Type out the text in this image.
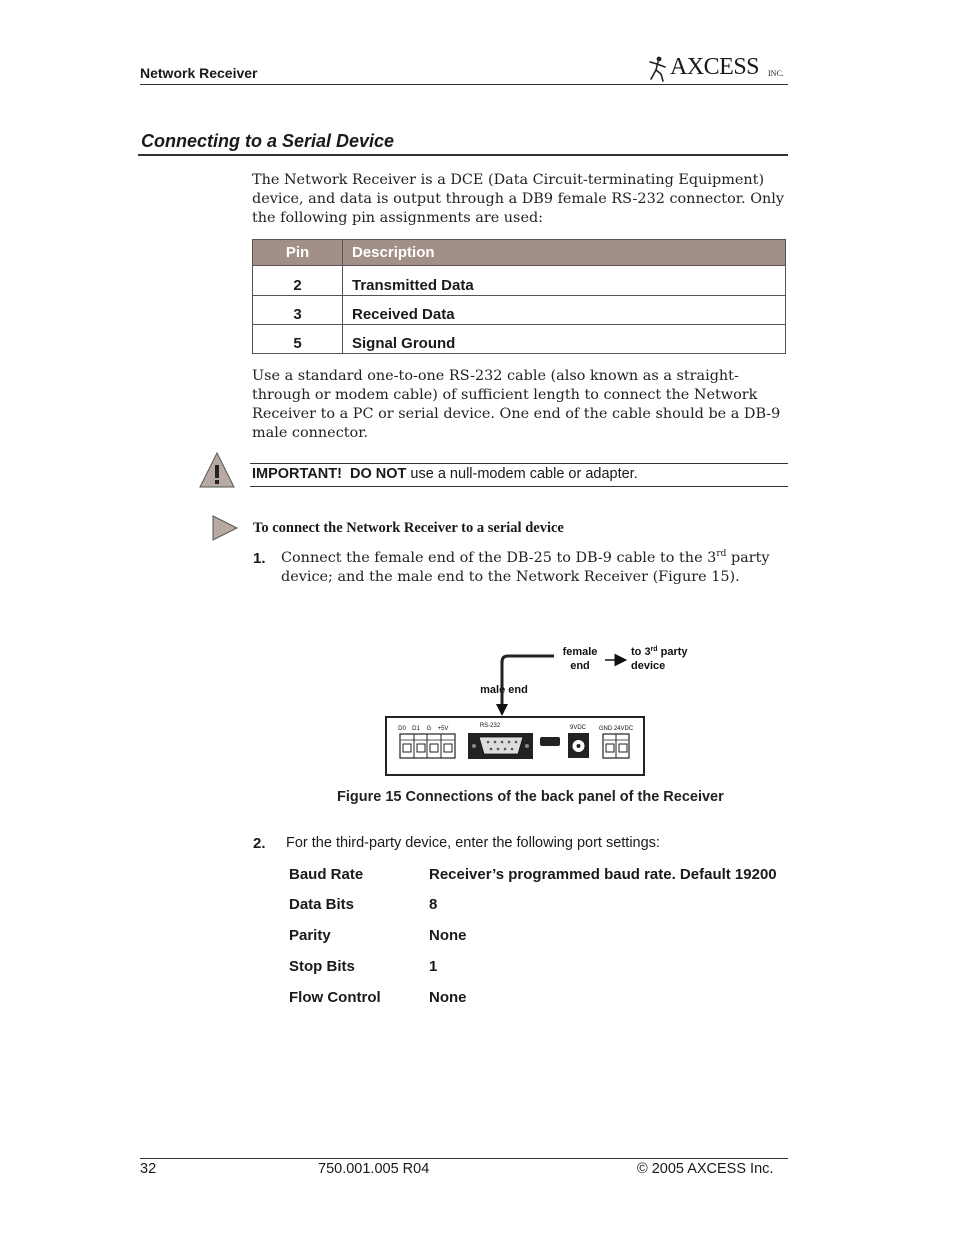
Network Receiver	AXCESS INC.
Connecting to a Serial Device
The Network Receiver is a DCE (Data Circuit-terminating Equipment) device, and data is output through a DB9 female RS-232 connector. Only the following pin assignments are used:
Pin	Description
2	Transmitted Data
3	Received Data
5	Signal Ground
Use a standard one-to-one RS-232 cable (also known as a straight-through or modem cable) of sufficient length to connect the Network Receiver to a PC or serial device. One end of the cable should be a DB-9 male connector.
IMPORTANT! DO NOT use a null-modem cable or adapter.
To connect the Network Receiver to a serial device
1. Connect the female end of the DB-25 to DB-9 cable to the 3rd party device; and the male end to the Network Receiver (Figure 15).
female
end
to 3rd party
device
male end
D0 D1 G +5V	RS-232	9VDC GND 24VDC
Figure 15 Connections of the back panel of the Receiver
2. For the third-party device, enter the following port settings:
Baud Rate	Receiver’s programmed baud rate. Default 19200
Data Bits	8
Parity	None
Stop Bits	1
Flow Control	None
32	750.001.005 R04	© 2005 AXCESS Inc.
